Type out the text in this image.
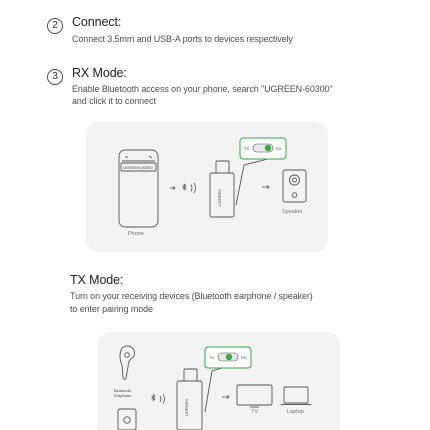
2	Connect:
Connect 3.5mm and USB-A ports to devices respectively
3	RX Mode:
Enable Bluetooth access on your phone, search "UGREEN-60300"
and click it to connect
UGREEN-60300
TX	RX
UGREEN
Speaker
Phone
TX Mode:
Turn on your receiving devices (Bluetooth earphone / speaker)
to enter pairing mode
Bluetooth
Earphone
TX	RX
UGREEN	TV	Laptop
